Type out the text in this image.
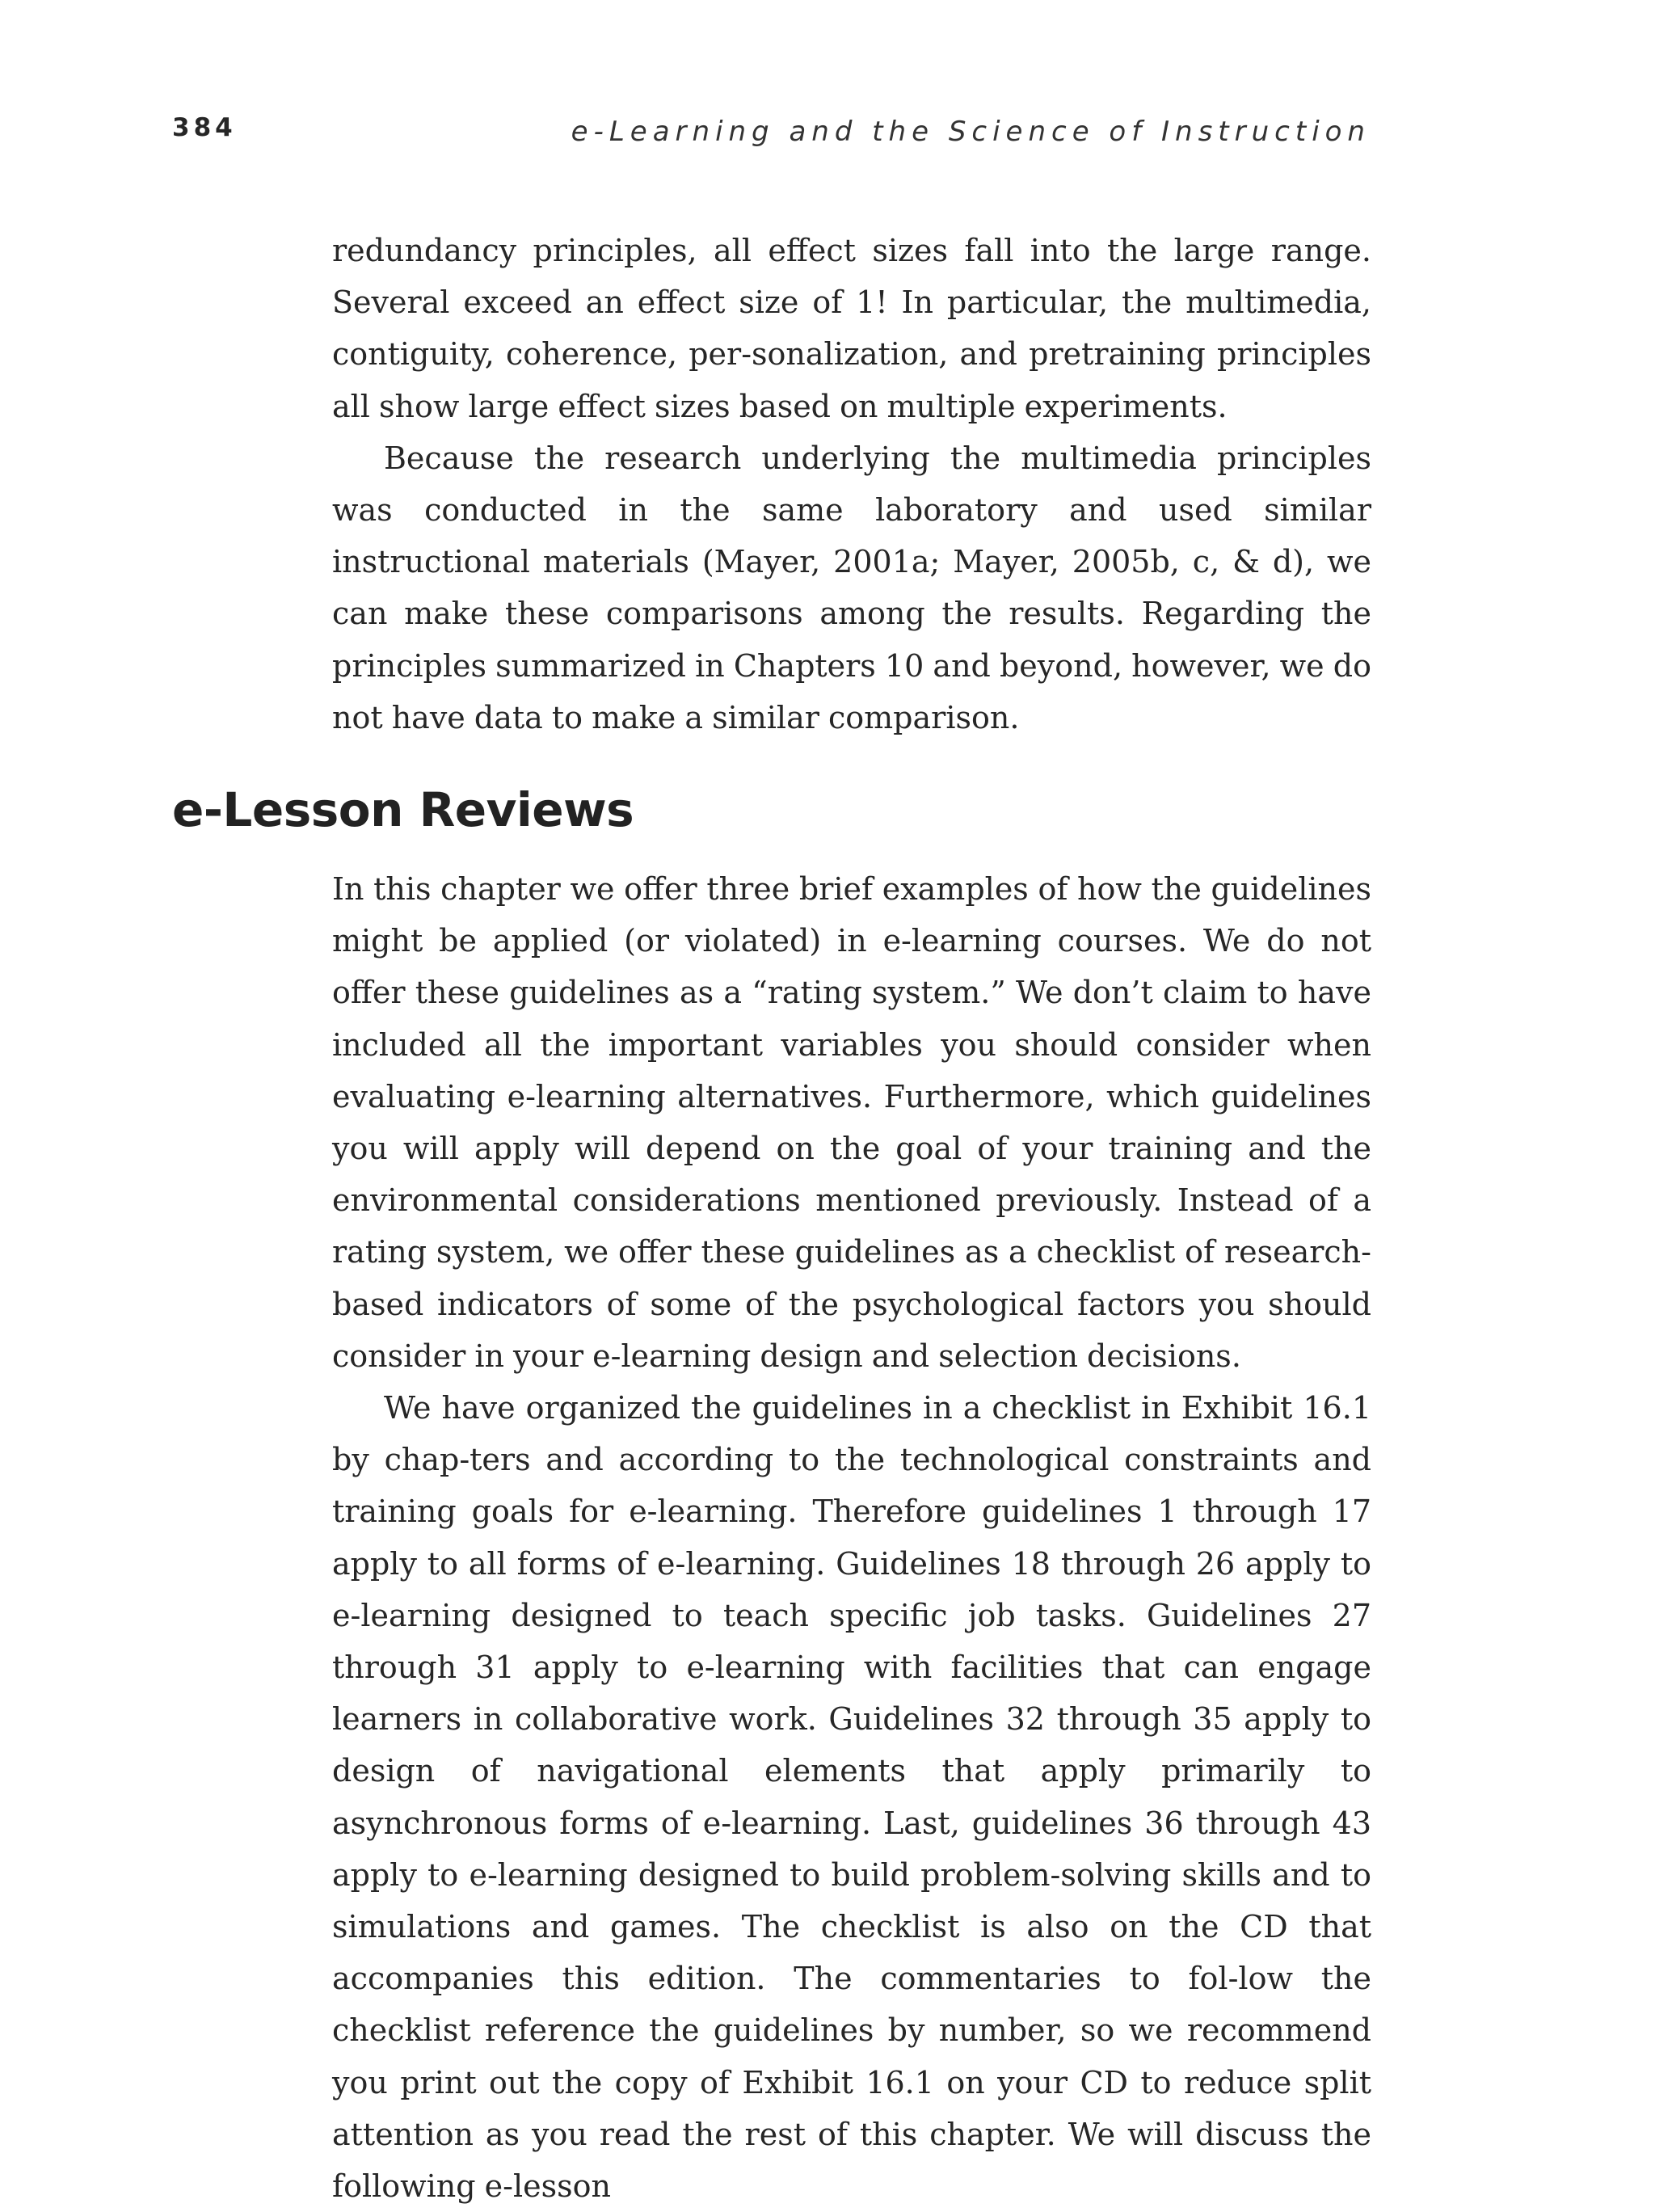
384	e-Learning and the Science of Instruction

redundancy principles, all effect sizes fall into the large range. Several exceed an effect size of 1! In particular, the multimedia, contiguity, coherence, per-sonalization, and pretraining principles all show large effect sizes based on multiple experiments.

Because the research underlying the multimedia principles was conducted in the same laboratory and used similar instructional materials (Mayer, 2001a; Mayer, 2005b, c, & d), we can make these comparisons among the results. Regarding the principles summarized in Chapters 10 and beyond, however, we do not have data to make a similar comparison.

e-Lesson Reviews

In this chapter we offer three brief examples of how the guidelines might be applied (or violated) in e-learning courses. We do not offer these guidelines as a “rating system.” We don’t claim to have included all the important variables you should consider when evaluating e-learning alternatives. Furthermore, which guidelines you will apply will depend on the goal of your training and the environmental considerations mentioned previously. Instead of a rating system, we offer these guidelines as a checklist of research-based indicators of some of the psychological factors you should consider in your e-learning design and selection decisions.

We have organized the guidelines in a checklist in Exhibit 16.1 by chap-ters and according to the technological constraints and training goals for e-learning. Therefore guidelines 1 through 17 apply to all forms of e-learning. Guidelines 18 through 26 apply to e-learning designed to teach specific job tasks. Guidelines 27 through 31 apply to e-learning with facilities that can engage learners in collaborative work. Guidelines 32 through 35 apply to design of navigational elements that apply primarily to asynchronous forms of e-learning. Last, guidelines 36 through 43 apply to e-learning designed to build problem-solving skills and to simulations and games. The checklist is also on the CD that accompanies this edition. The commentaries to fol-low the checklist reference the guidelines by number, so we recommend you print out the copy of Exhibit 16.1 on your CD to reduce split attention as you read the rest of this chapter. We will discuss the following e-lesson
